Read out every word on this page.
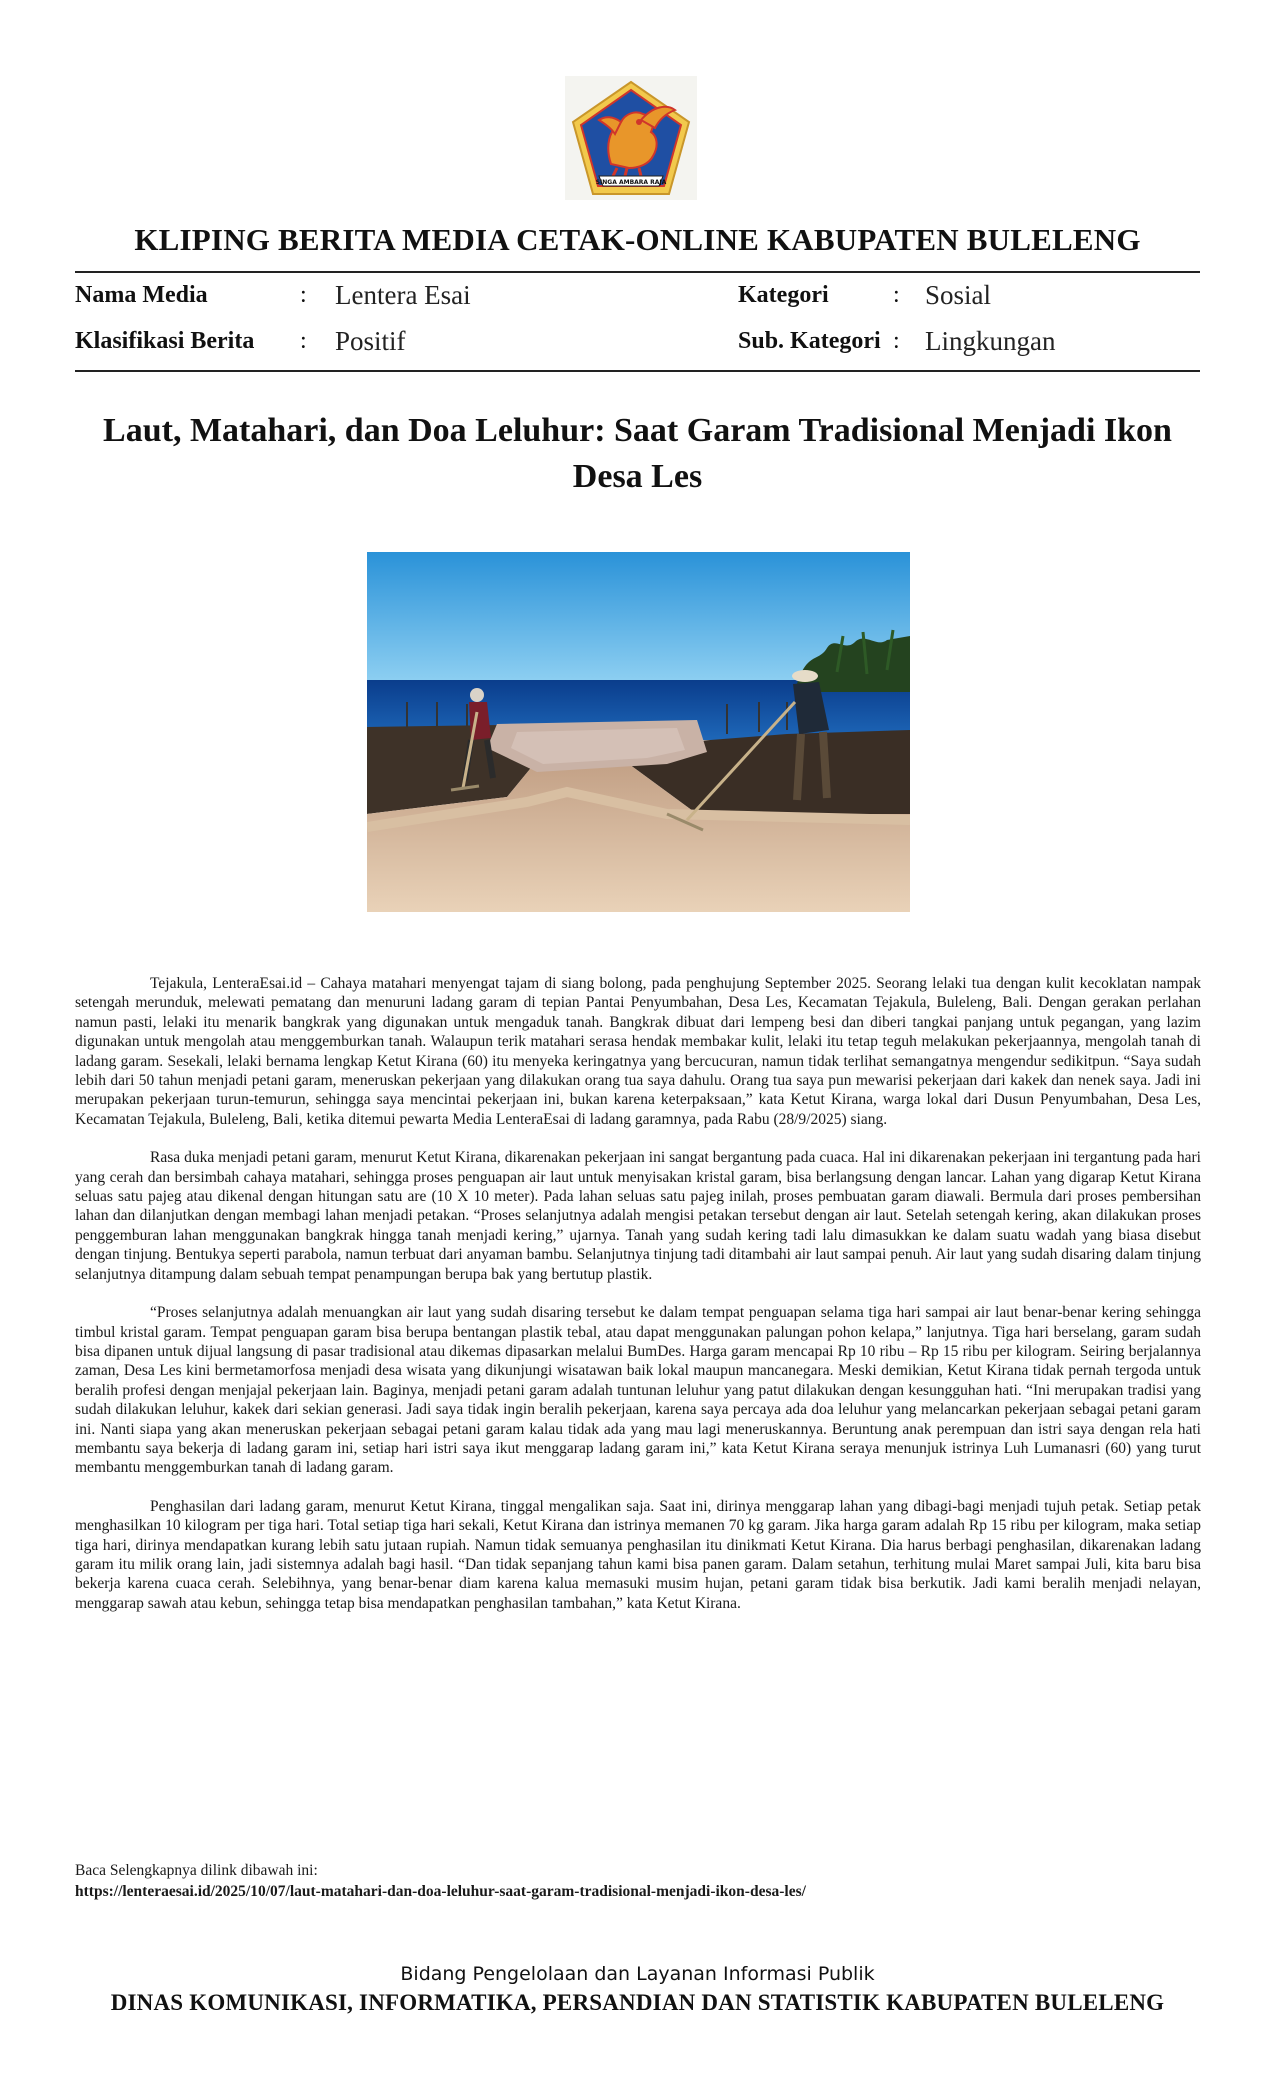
SINGA AMBARA RAJA
KLIPING BERITA MEDIA CETAK-ONLINE KABUPATEN BULELENG
Nama Media	: Lentera Esai
Klasifikasi Berita : Positif
Kategori	: Sosial
Sub. Kategori : Lingkungan
Laut, Matahari, dan Doa Leluhur: Saat Garam Tradisional Menjadi Ikon Desa Les

Tejakula, LenteraEsai.id – Cahaya matahari menyengat tajam di siang bolong, pada penghujung September 2025. Seorang lelaki tua dengan kulit kecoklatan nampak setengah merunduk, melewati pematang dan menuruni ladang garam di tepian Pantai Penyumbahan, Desa Les, Kecamatan Tejakula, Buleleng, Bali. Dengan gerakan perlahan namun pasti, lelaki itu menarik bangkrak yang digunakan untuk mengaduk tanah. Bangkrak dibuat dari lempeng besi dan diberi tangkai panjang untuk pegangan, yang lazim digunakan untuk mengolah atau menggemburkan tanah. Walaupun terik matahari serasa hendak membakar kulit, lelaki itu tetap teguh melakukan pekerjaannya, mengolah tanah di ladang garam. Sesekali, lelaki bernama lengkap Ketut Kirana (60) itu menyeka keringatnya yang bercucuran, namun tidak terlihat semangatnya mengendur sedikitpun. “Saya sudah lebih dari 50 tahun menjadi petani garam, meneruskan pekerjaan yang dilakukan orang tua saya dahulu. Orang tua saya pun mewarisi pekerjaan dari kakek dan nenek saya. Jadi ini merupakan pekerjaan turun-temurun, sehingga saya mencintai pekerjaan ini, bukan karena keterpaksaan,” kata Ketut Kirana, warga lokal dari Dusun Penyumbahan, Desa Les, Kecamatan Tejakula, Buleleng, Bali, ketika ditemui pewarta Media LenteraEsai di ladang garamnya, pada Rabu (28/9/2025) siang.

Rasa duka menjadi petani garam, menurut Ketut Kirana, dikarenakan pekerjaan ini sangat bergantung pada cuaca. Hal ini dikarenakan pekerjaan ini tergantung pada hari yang cerah dan bersimbah cahaya matahari, sehingga proses penguapan air laut untuk menyisakan kristal garam, bisa berlangsung dengan lancar. Lahan yang digarap Ketut Kirana seluas satu pajeg atau dikenal dengan hitungan satu are (10 X 10 meter). Pada lahan seluas satu pajeg inilah, proses pembuatan garam diawali. Bermula dari proses pembersihan lahan dan dilanjutkan dengan membagi lahan menjadi petakan. “Proses selanjutnya adalah mengisi petakan tersebut dengan air laut. Setelah setengah kering, akan dilakukan proses penggemburan lahan menggunakan bangkrak hingga tanah menjadi kering,” ujarnya. Tanah yang sudah kering tadi lalu dimasukkan ke dalam suatu wadah yang biasa disebut dengan tinjung. Bentukya seperti parabola, namun terbuat dari anyaman bambu. Selanjutnya tinjung tadi ditambahi air laut sampai penuh. Air laut yang sudah disaring dalam tinjung selanjutnya ditampung dalam sebuah tempat penampungan berupa bak yang bertutup plastik.

“Proses selanjutnya adalah menuangkan air laut yang sudah disaring tersebut ke dalam tempat penguapan selama tiga hari sampai air laut benar-benar kering sehingga timbul kristal garam. Tempat penguapan garam bisa berupa bentangan plastik tebal, atau dapat menggunakan palungan pohon kelapa,” lanjutnya. Tiga hari berselang, garam sudah bisa dipanen untuk dijual langsung di pasar tradisional atau dikemas dipasarkan melalui BumDes. Harga garam mencapai Rp 10 ribu – Rp 15 ribu per kilogram. Seiring berjalannya zaman, Desa Les kini bermetamorfosa menjadi desa wisata yang dikunjungi wisatawan baik lokal maupun mancanegara. Meski demikian, Ketut Kirana tidak pernah tergoda untuk beralih profesi dengan menjajal pekerjaan lain. Baginya, menjadi petani garam adalah tuntunan leluhur yang patut dilakukan dengan kesungguhan hati. “Ini merupakan tradisi yang sudah dilakukan leluhur, kakek dari sekian generasi. Jadi saya tidak ingin beralih pekerjaan, karena saya percaya ada doa leluhur yang melancarkan pekerjaan sebagai petani garam ini. Nanti siapa yang akan meneruskan pekerjaan sebagai petani garam kalau tidak ada yang mau lagi meneruskannya. Beruntung anak perempuan dan istri saya dengan rela hati membantu saya bekerja di ladang garam ini, setiap hari istri saya ikut menggarap ladang garam ini,” kata Ketut Kirana seraya menunjuk istrinya Luh Lumanasri (60) yang turut membantu menggemburkan tanah di ladang garam.

Penghasilan dari ladang garam, menurut Ketut Kirana, tinggal mengalikan saja. Saat ini, dirinya menggarap lahan yang dibagi-bagi menjadi tujuh petak. Setiap petak menghasilkan 10 kilogram per tiga hari. Total setiap tiga hari sekali, Ketut Kirana dan istrinya memanen 70 kg garam. Jika harga garam adalah Rp 15 ribu per kilogram, maka setiap tiga hari, dirinya mendapatkan kurang lebih satu jutaan rupiah. Namun tidak semuanya penghasilan itu dinikmati Ketut Kirana. Dia harus berbagi penghasilan, dikarenakan ladang garam itu milik orang lain, jadi sistemnya adalah bagi hasil. “Dan tidak sepanjang tahun kami bisa panen garam. Dalam setahun, terhitung mulai Maret sampai Juli, kita baru bisa bekerja karena cuaca cerah. Selebihnya, yang benar-benar diam karena kalua memasuki musim hujan, petani garam tidak bisa berkutik. Jadi kami beralih menjadi nelayan, menggarap sawah atau kebun, sehingga tetap bisa mendapatkan penghasilan tambahan,” kata Ketut Kirana.

Baca Selengkapnya dilink dibawah ini:
https://lenteraesai.id/2025/10/07/laut-matahari-dan-doa-leluhur-saat-garam-tradisional-menjadi-ikon-desa-les/
Bidang Pengelolaan dan Layanan Informasi Publik
DINAS KOMUNIKASI, INFORMATIKA, PERSANDIAN DAN STATISTIK KABUPATEN BULELENG
